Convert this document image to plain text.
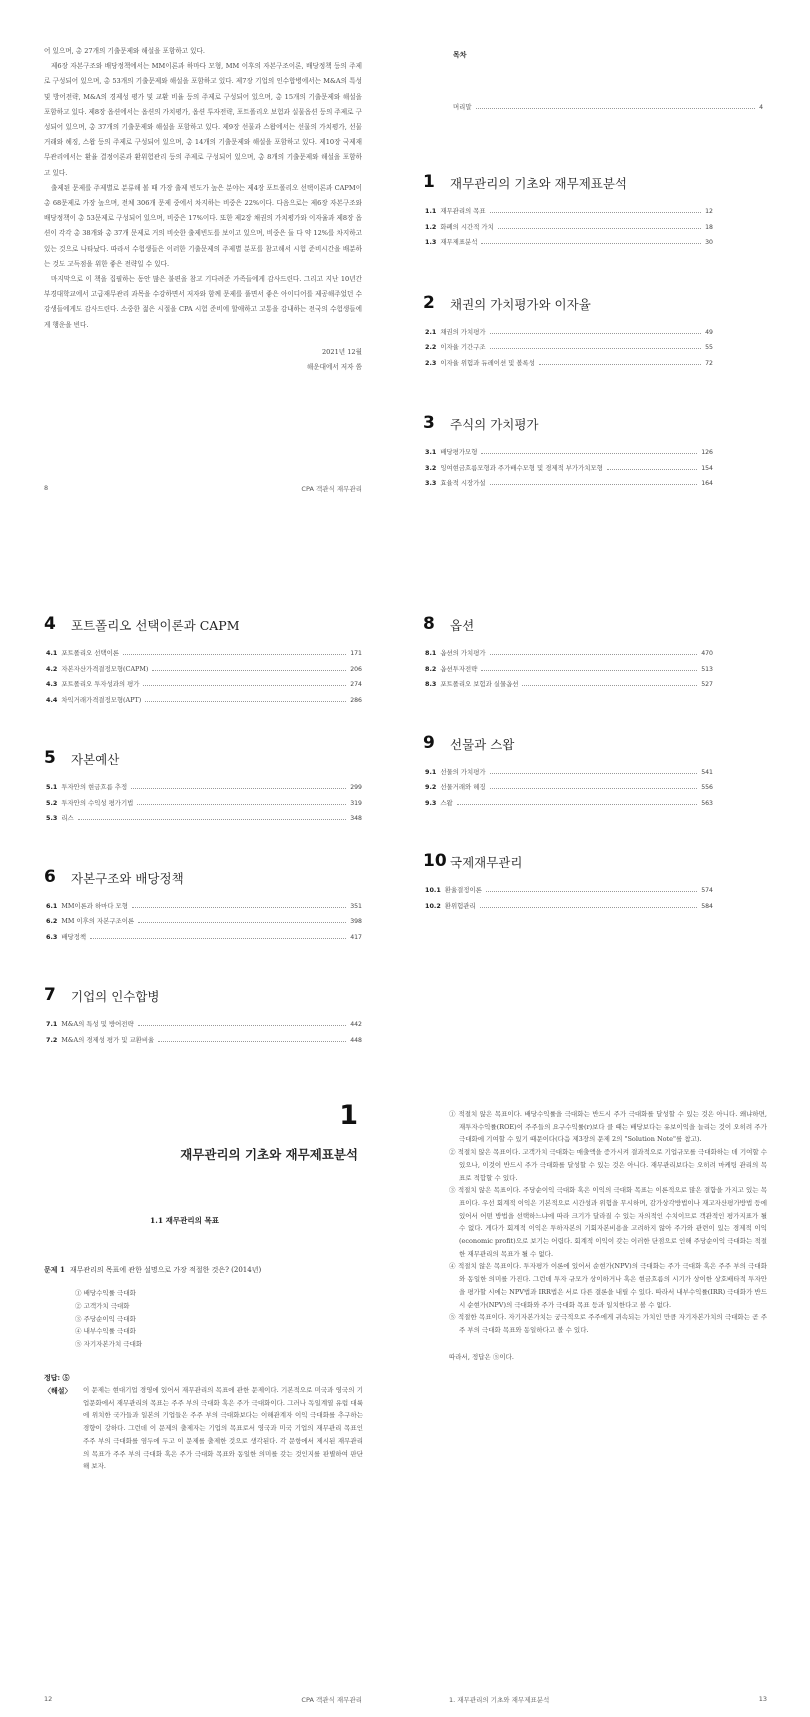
어 있으며, 총 27개의 기출문제와 해설을 포함하고 있다.

제6장 자본구조와 배당정책에서는 MM이론과 하마다 모형, MM 이후의 자본구조이론, 배당정책 등의 주제로 구성되어 있으며, 총 53개의 기출문제와 해설을 포함하고 있다. 제7장 기업의 인수합병에서는 M&A의 특성 및 방어전략, M&A의 경제성 평가 및 교환 비율 등의 주제로 구성되어 있으며, 총 15개의 기출문제와 해설을 포함하고 있다. 제8장 옵션에서는 옵션의 가치평가, 옵션 투자전략, 포트폴리오 보험과 실물옵션 등의 주제로 구성되어 있으며, 총 37개의 기출문제와 해설을 포함하고 있다. 제9장 선물과 스왑에서는 선물의 가치평가, 선물거래와 헤징, 스왑 등의 주제로 구성되어 있으며, 총 14개의 기출문제와 해설을 포함하고 있다. 제10장 국제재무관리에서는 환율 결정이론과 환위험관리 등의 주제로 구성되어 있으며, 총 8개의 기출문제와 해설을 포함하고 있다.

출제된 문제를 주제별로 분류해 볼 때 가장 출제 빈도가 높은 분야는 제4장 포트폴리오 선택이론과 CAPM이 총 68문제로 가장 높으며, 전체 306개 문제 중에서 차지하는 비중은 22%이다. 다음으로는 제6장 자본구조와 배당정책이 총 53문제로 구성되어 있으며, 비중은 17%이다. 또한 제2장 채권의 가치평가와 이자율과 제8장 옵션이 각각 총 38개와 총 37개 문제로 거의 비슷한 출제빈도를 보이고 있으며, 비중은 둘 다 약 12%를 차지하고 있는 것으로 나타났다. 따라서 수험생들은 이러한 기출문제의 주제별 분포를 참고해서 시험 준비시간을 배분하는 것도 고득점을 위한 좋은 전략일 수 있다.

마지막으로 이 책을 집필하는 동안 많은 불편을 참고 기다려준 가족들에게 감사드린다. 그리고 지난 10년간 부경대학교에서 고급재무관리 과목을 수강하면서 저자와 함께 문제를 풀면서 좋은 아이디어를 제공해주었던 수강생들에게도 감사드린다. 소중한 젊은 시절을 CPA 시험 준비에 할애하고 고통을 감내하는 전국의 수험생들에게 행운을 빈다.

2021년 12월
해운대에서 저자 씀
8	CPA 객관식 재무관리
목차
머리말	4
1 재무관리의 기초와 재무제표분석
1.1 재무관리의 목표	12
1.2 화폐의 시간적 가치	18
1.3 재무제표분석	30
2 채권의 가치평가와 이자율
2.1 채권의 가치평가	49
2.2 이자율 기간구조	55
2.3 이자율 위험과 듀레이션 및 볼록성	72
3 주식의 가치평가
3.1 배당평가모형	126
3.2 잉여현금흐름모형과 주가배수모형 및 경제적 부가가치모형	154
3.3 효율적 시장가설	164
4 포트폴리오 선택이론과 CAPM
4.1 포트폴리오 선택이론	171
4.2 자본자산가격결정모형(CAPM)	206
4.3 포트폴리오 투자성과의 평가	274
4.4 차익거래가격결정모형(APT)	286
5 자본예산
5.1 투자안의 현금흐름 추정	299
5.2 투자안의 수익성 평가기법	319
5.3 리스	348
6 자본구조와 배당정책
6.1 MM이론과 하마다 모형	351
6.2 MM 이후의 자본구조이론	398
6.3 배당정책	417
7 기업의 인수합병
7.1 M&A의 특성 및 방어전략	442
7.2 M&A의 경제성 평가 및 교환비율	448
8 옵션
8.1 옵션의 가치평가	470
8.2 옵션투자전략	513
8.3 포트폴리오 보험과 실물옵션	527
9 선물과 스왑
9.1 선물의 가치평가	541
9.2 선물거래와 헤징	556
9.3 스왑	563
10 국제재무관리
10.1 환율결정이론	574
10.2 환위험관리	584
1
재무관리의 기초와 재무제표분석
1.1 재무관리의 목표
문제 1 재무관리의 목표에 관한 설명으로 가장 적절한 것은? (2014년)
① 배당수익률 극대화
② 고객가치 극대화
③ 주당순이익 극대화
④ 내부수익률 극대화
⑤ 자기자본가치 극대화
정답: ⑤
〈해설〉 이 문제는 현대기업 경영에 있어서 재무관리의 목표에 관한 문제이다. 기본적으로 미국과 영국의 기업문화에서 재무관리의 목표는 주주 부의 극대화 혹은 주가 극대화이다. 그러나 독일계열 유럽 대륙에 위치한 국가들과 일본의 기업들은 주주 부의 극대화보다는 이해관계자 이익 극대화를 추구하는 경향이 강하다. 그런데 이 문제의 출제자는 기업의 목표로서 영국과 미국 기업의 재무관리 목표인 주주 부의 극대화를 염두에 두고 이 문제를 출제한 것으로 생각된다. 각 문항에서 제시된 재무관리의 목표가 주주 부의 극대화 혹은 주가 극대화 목표와 동일한 의미를 갖는 것인지를 판별하여 판단해 보자.

12	CPA 객관식 재무관리

① 적절치 않은 목표이다. 배당수익률을 극대화는 반드시 주가 극대화를 달성할 수 있는 것은 아니다. 왜냐하면, 재투자수익률(ROE)이 주주들의 요구수익률(r)보다 클 때는 배당보다는 유보이익을 늘리는 것이 오히려 주가 극대화에 기여할 수 있기 때문이다(다음 제3장의 문제 2의 "Solution Note"를 참고).

② 적절치 않은 목표이다. 고객가치 극대화는 매출액을 증가시켜 결과적으로 기업규모를 극대화하는 데 기여할 수 있으나, 이것이 반드시 주가 극대화를 달성할 수 있는 것은 아니다. 재무관리보다는 오히려 마케팅 관리의 목표로 적합할 수 있다.

③ 적절치 않은 목표이다. 주당순이익 극대화 혹은 이익의 극대화 목표는 이론적으로 많은 결함을 가지고 있는 목표이다. 우선 회계적 이익은 기본적으로 시간성과 위험을 무시하며, 감가상각방법이나 재고자산평가방법 등에 있어서 어떤 방법을 선택하느냐에 따라 크기가 달라질 수 있는 자의적인 수치이므로 객관적인 평가지표가 될 수 없다. 게다가 회계적 이익은 투하자본의 기회자본비용을 고려하지 않아 주가와 관련이 있는 경제적 이익(economic profit)으로 보기는 어렵다. 회계적 이익이 갖는 이러한 단점으로 인해 주당순이익 극대화는 적절한 재무관리의 목표가 될 수 없다.

④ 적절치 않은 목표이다. 투자평가 이론에 있어서 순현가(NPV)의 극대화는 주가 극대화 혹은 주주 부의 극대화와 동일한 의미를 가진다. 그런데 투자 규모가 상이하거나 혹은 현금흐름의 시기가 상이한 상호배타적 투자안을 평가할 시에는 NPV법과 IRR법은 서로 다른 결론을 내릴 수 있다. 따라서 내부수익률(IRR) 극대화가 반드시 순현가(NPV)의 극대화와 주가 극대화 목표 등과 일치한다고 볼 수 없다.

⑤ 적절한 목표이다. 자기자본가치는 궁극적으로 주주에게 귀속되는 가치인 만큼 자기자본가치의 극대화는 곧 주주 부의 극대화 목표와 동일하다고 볼 수 있다.

따라서, 정답은 ⑤이다.

1. 재무관리의 기초와 재무제표분석	13
